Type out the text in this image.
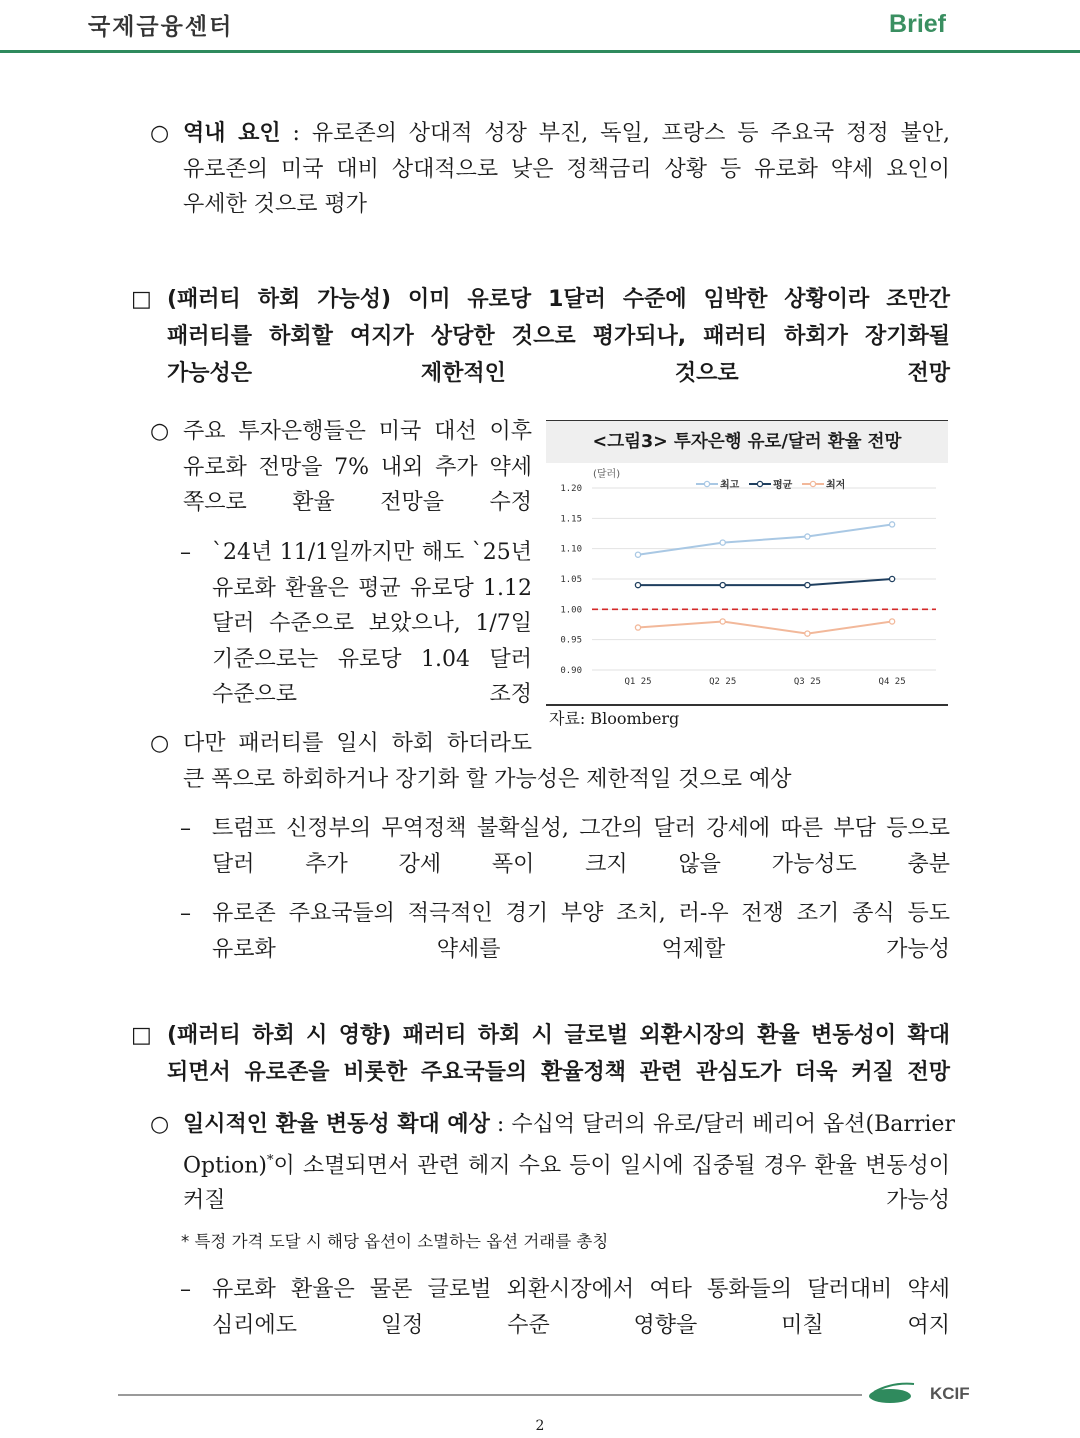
국제금융센터	Brief
○ 역내 요인 : 유로존의 상대적 성장 부진, 독일, 프랑스 등 주요국 정정 불안,
유로존의 미국 대비 상대적으로 낮은 정책금리 상황 등 유로화 약세 요인이
우세한 것으로 평가
□ (패러티 하회 가능성) 이미 유로당 1달러 수준에 임박한 상황이라 조만간
패러티를 하회할 여지가 상당한 것으로 평가되나, 패러티 하회가 장기화될
가능성은 제한적인 것으로 전망
○ 주요 투자은행들은 미국 대선 이후
유로화 전망을 7% 내외 추가 약세
쪽으로 환율 전망을 수정
– `24년 11/1일까지만 해도 `25년
유로화 환율은 평균 유로당 1.12
달러 수준으로 보았으나, 1/7일
기준으로는 유로당 1.04 달러
수준으로 조정
<그림3> 투자은행 유로/달러 환율 전망
(달러)
1.20
1.15
1.10
1.05
1.00
0.95
0.90
Q1 25	Q2 25	Q3 25	Q4 25
최고	평균	최저
자료: Bloomberg
○ 다만 패러티를 일시 하회 하더라도
큰 폭으로 하회하거나 장기화 할 가능성은 제한적일 것으로 예상
– 트럼프 신정부의 무역정책 불확실성, 그간의 달러 강세에 따른 부담 등으로
달러 추가 강세 폭이 크지 않을 가능성도 충분
– 유로존 주요국들의 적극적인 경기 부양 조치, 러-우 전쟁 조기 종식 등도
유로화 약세를 억제할 가능성
□ (패러티 하회 시 영향) 패러티 하회 시 글로벌 외환시장의 환율 변동성이 확대
되면서 유로존을 비롯한 주요국들의 환율정책 관련 관심도가 더욱 커질 전망
○ 일시적인 환율 변동성 확대 예상 : 수십억 달러의 유로/달러 베리어 옵션(Barrier
Option)*이 소멸되면서 관련 헤지 수요 등이 일시에 집중될 경우 환율 변동성이
커질 가능성
* 특정 가격 도달 시 해당 옵션이 소멸하는 옵션 거래를 총칭
– 유로화 환율은 물론 글로벌 외환시장에서 여타 통화들의 달러대비 약세
심리에도 일정 수준 영향을 미칠 여지
KCIF
2
